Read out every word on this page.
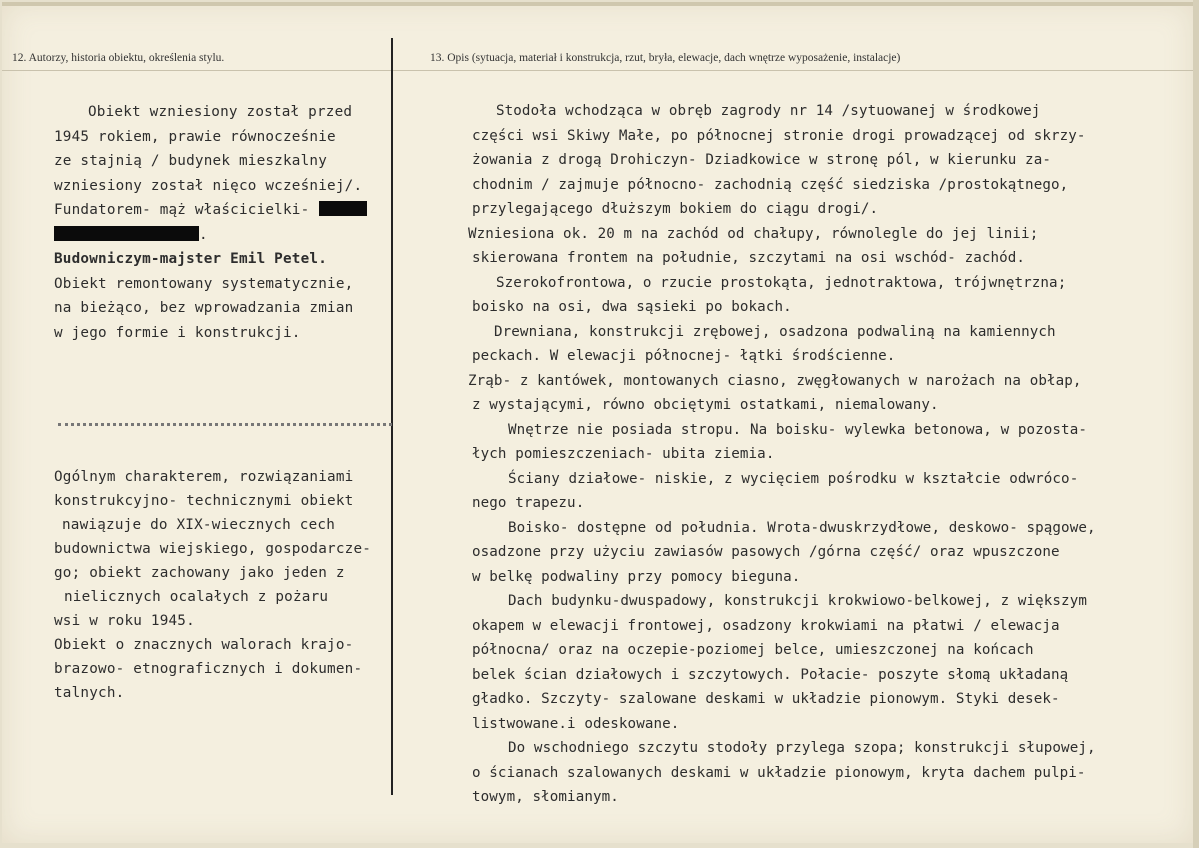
12. Autorzy, historia obiektu, określenia stylu.	13. Opis (sytuacja, materiał i konstrukcja, rzut, bryła, elewacje, dach wnętrze wyposażenie, instalacje)
Obiekt wzniesiony został przed
1945 rokiem, prawie równocześnie
ze stajnią / budynek mieszkalny
wzniesiony został nięco wcześniej/.
Fundatorem- mąż właścicielki-
.
Budowniczym-majster Emil Petel.
Obiekt remontowany systematycznie,
na bieżąco, bez wprowadzania zmian
w jego formie i konstrukcji.
Ogólnym charakterem, rozwiązaniami
konstrukcyjno- technicznymi obiekt
nawiązuje do XIX-wiecznych cech
budownictwa wiejskiego, gospodarcze-
go; obiekt zachowany jako jeden z
nielicznych ocalałych z pożaru
wsi w roku 1945.
Obiekt o znacznych walorach krajo-
brazowo- etnograficznych i dokumen-
talnych.
Stodoła wchodząca w obręb zagrody nr 14 /sytuowanej w środkowej
części wsi Skiwy Małe, po północnej stronie drogi prowadzącej od skrzy-
żowania z drogą Drohiczyn- Dziadkowice w stronę pól, w kierunku za-
chodnim / zajmuje północno- zachodnią część siedziska /prostokątnego,
przylegającego dłuższym bokiem do ciągu drogi/.
Wzniesiona ok. 20 m na zachód od chałupy, równolegle do jej linii;
skierowana frontem na południe, szczytami na osi wschód- zachód.
Szerokofrontowa, o rzucie prostokąta, jednotraktowa, trójwnętrzna;
boisko na osi, dwa sąsieki po bokach.
Drewniana, konstrukcji zrębowej, osadzona podwaliną na kamiennych
peckach. W elewacji północnej- łątki środścienne.
Zrąb- z kantówek, montowanych ciasno, zwęgłowanych w narożach na obłap,
z wystającymi, równo obciętymi ostatkami, niemalowany.
Wnętrze nie posiada stropu. Na boisku- wylewka betonowa, w pozosta-
łych pomieszczeniach- ubita ziemia.
Ściany działowe- niskie, z wycięciem pośrodku w kształcie odwróco-
nego trapezu.
Boisko- dostępne od południa. Wrota-dwuskrzydłowe, deskowo- spągowe,
osadzone przy użyciu zawiasów pasowych /górna część/ oraz wpuszczone
w belkę podwaliny przy pomocy bieguna.
Dach budynku-dwuspadowy, konstrukcji krokwiowo-belkowej, z większym
okapem w elewacji frontowej, osadzony krokwiami na płatwi / elewacja
północna/ oraz na oczepie-poziomej belce, umieszczonej na końcach
belek ścian działowych i szczytowych. Połacie- poszyte słomą układaną
gładko. Szczyty- szalowane deskami w układzie pionowym. Styki desek-
listwowane.i odeskowane.
Do wschodniego szczytu stodoły przylega szopa; konstrukcji słupowej,
o ścianach szalowanych deskami w układzie pionowym, kryta dachem pulpi-
towym, słomianym.
